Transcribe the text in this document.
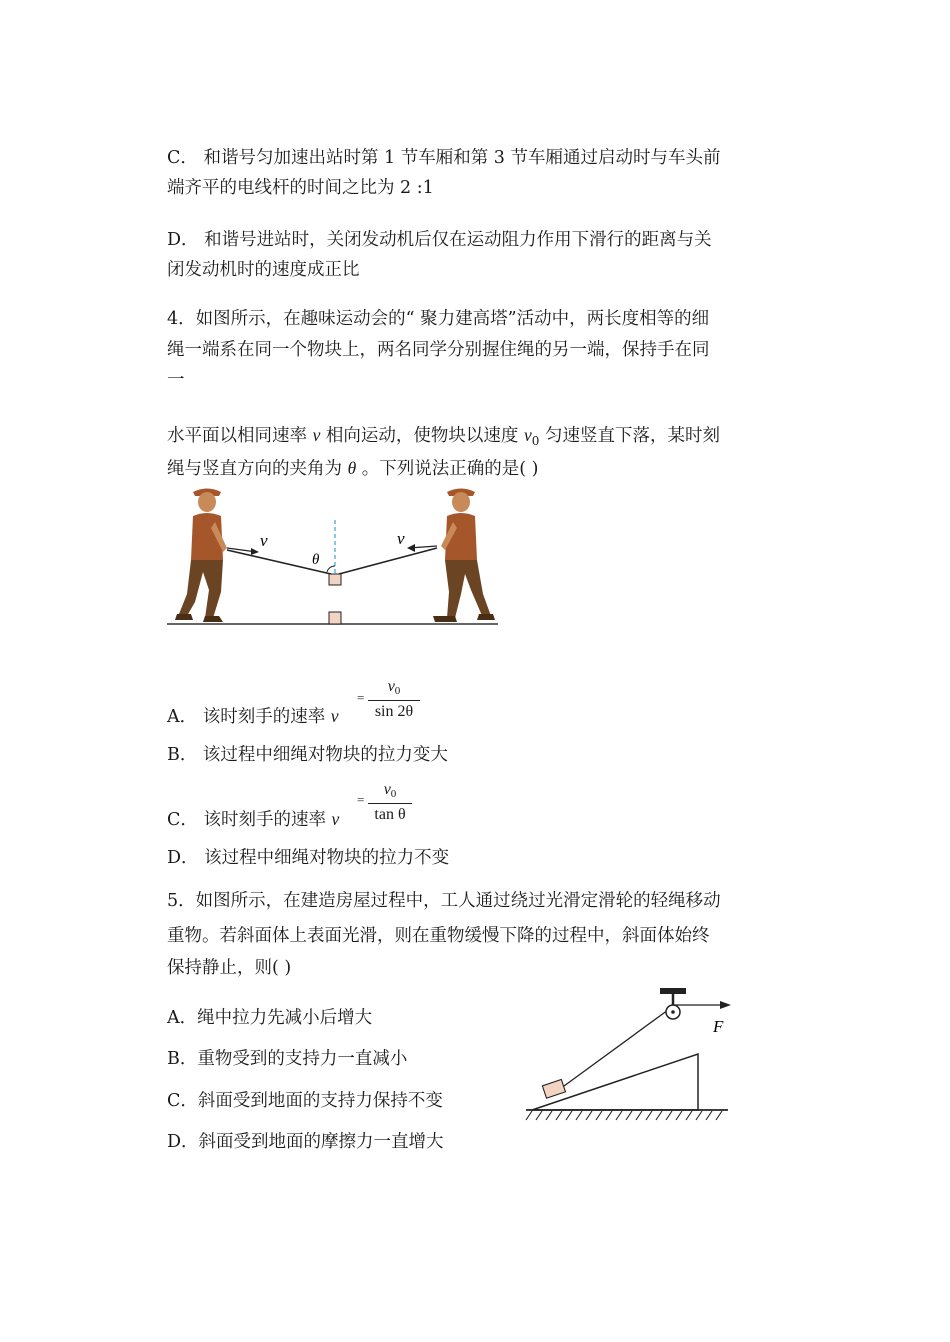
C． 和谐号匀加速出站时第 1 节车厢和第 3 节车厢通过启动时与车头前
端齐平的电线杆的时间之比为 2 :1
D． 和谐号进站时，关闭发动机后仅在运动阻力作用下滑行的距离与关
闭发动机时的速度成正比
4．如图所示，在趣味运动会的“ 聚力建高塔”活动中，两长度相等的细
绳一端系在同一个物块上，两名同学分别握住绳的另一端，保持手在同
一
水平面以相同速率 v 相向运动，使物块以速度 $v_0$ 匀速竖直下落，某时刻
绳与竖直方向的夹角为 θ 。下列说法正确的是( )
v	v
θ
A． 该时刻手的速率 v
=
v0
sin 2θ
B． 该过程中细绳对物块的拉力变大
C． 该时刻手的速率 v
=
v0
tan θ
D． 该过程中细绳对物块的拉力不变
5．如图所示，在建造房屋过程中，工人通过绕过光滑定滑轮的轻绳移动
重物。若斜面体上表面光滑，则在重物缓慢下降的过程中，斜面体始终
保持静止，则( )
A．绳中拉力先减小后增大
B．重物受到的支持力一直减小
C．斜面受到地面的支持力保持不变
D．斜面受到地面的摩擦力一直增大
F
